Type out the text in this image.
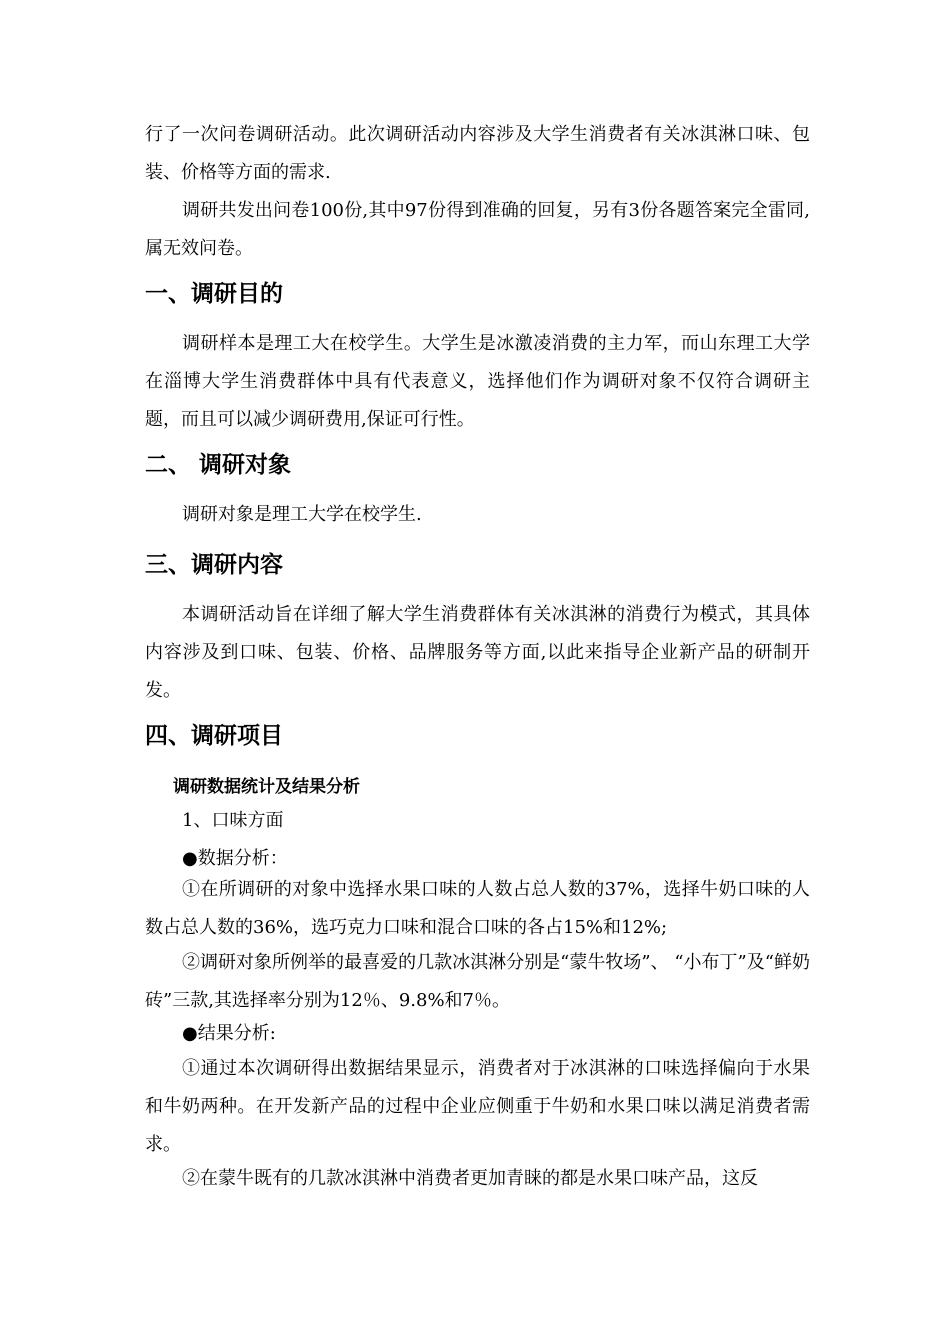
行了一次问卷调研活动。此次调研活动内容涉及大学生消费者有关冰淇淋口味、包装、价格等方面的需求.

调研共发出问卷100份,其中97份得到准确的回复，另有3份各题答案完全雷同,属无效问卷。

一、调研目的

调研样本是理工大在校学生。大学生是冰激凌消费的主力军，而山东理工大学在淄博大学生消费群体中具有代表意义，选择他们作为调研对象不仅符合调研主题，而且可以减少调研费用,保证可行性。

二、 调研对象

调研对象是理工大学在校学生.

三、调研内容

本调研活动旨在详细了解大学生消费群体有关冰淇淋的消费行为模式，其具体内容涉及到口味、包装、价格、品牌服务等方面,以此来指导企业新产品的研制开发。

四、调研项目
调研数据统计及结果分析

1、口味方面

●数据分析：

①在所调研的对象中选择水果口味的人数占总人数的37%，选择牛奶口味的人数占总人数的36%，选巧克力口味和混合口味的各占15%和12%;

②调研对象所例举的最喜爱的几款冰淇淋分别是“蒙牛牧场”、 “小布丁”及“鲜奶砖”三款,其选择率分别为12％、9.8%和7％。

●结果分析:

①通过本次调研得出数据结果显示，消费者对于冰淇淋的口味选择偏向于水果和牛奶两种。在开发新产品的过程中企业应侧重于牛奶和水果口味以满足消费者需求。

②在蒙牛既有的几款冰淇淋中消费者更加青睐的都是水果口味产品，这反
